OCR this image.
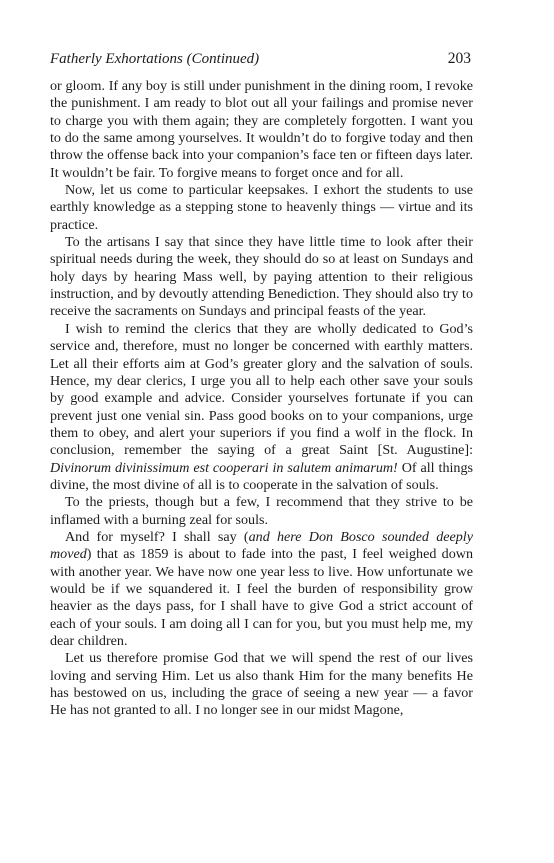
Fatherly Exhortations (Continued)	203

or gloom. If any boy is still under punishment in the dining room, I revoke the punishment. I am ready to blot out all your failings and promise never to charge you with them again; they are completely forgotten. I want you to do the same among yourselves. It wouldn’t do to forgive today and then throw the offense back into your companion’s face ten or fifteen days later. It wouldn’t be fair. To forgive means to forget once and for all.

Now, let us come to particular keepsakes. I exhort the students to use earthly knowledge as a stepping stone to heavenly things — virtue and its practice.

To the artisans I say that since they have little time to look after their spiritual needs during the week, they should do so at least on Sundays and holy days by hearing Mass well, by paying attention to their religious instruction, and by devoutly attending Benediction. They should also try to receive the sacraments on Sundays and principal feasts of the year.

I wish to remind the clerics that they are wholly dedicated to God’s service and, therefore, must no longer be concerned with earthly matters. Let all their efforts aim at God’s greater glory and the salvation of souls. Hence, my dear clerics, I urge you all to help each other save your souls by good example and advice. Consider yourselves fortunate if you can prevent just one venial sin. Pass good books on to your companions, urge them to obey, and alert your superiors if you find a wolf in the flock. In conclusion, remember the saying of a great Saint [St. Augustine]: Divinorum divinissimum est cooperari in salutem animarum! Of all things divine, the most divine of all is to cooperate in the salvation of souls.

To the priests, though but a few, I recommend that they strive to be inflamed with a burning zeal for souls.

And for myself? I shall say (and here Don Bosco sounded deeply moved) that as 1859 is about to fade into the past, I feel weighed down with another year. We have now one year less to live. How unfortunate we would be if we squandered it. I feel the burden of responsibility grow heavier as the days pass, for I shall have to give God a strict account of each of your souls. I am doing all I can for you, but you must help me, my dear children.

Let us therefore promise God that we will spend the rest of our lives loving and serving Him. Let us also thank Him for the many benefits He has bestowed on us, including the grace of seeing a new year — a favor He has not granted to all. I no longer see in our midst Magone,
